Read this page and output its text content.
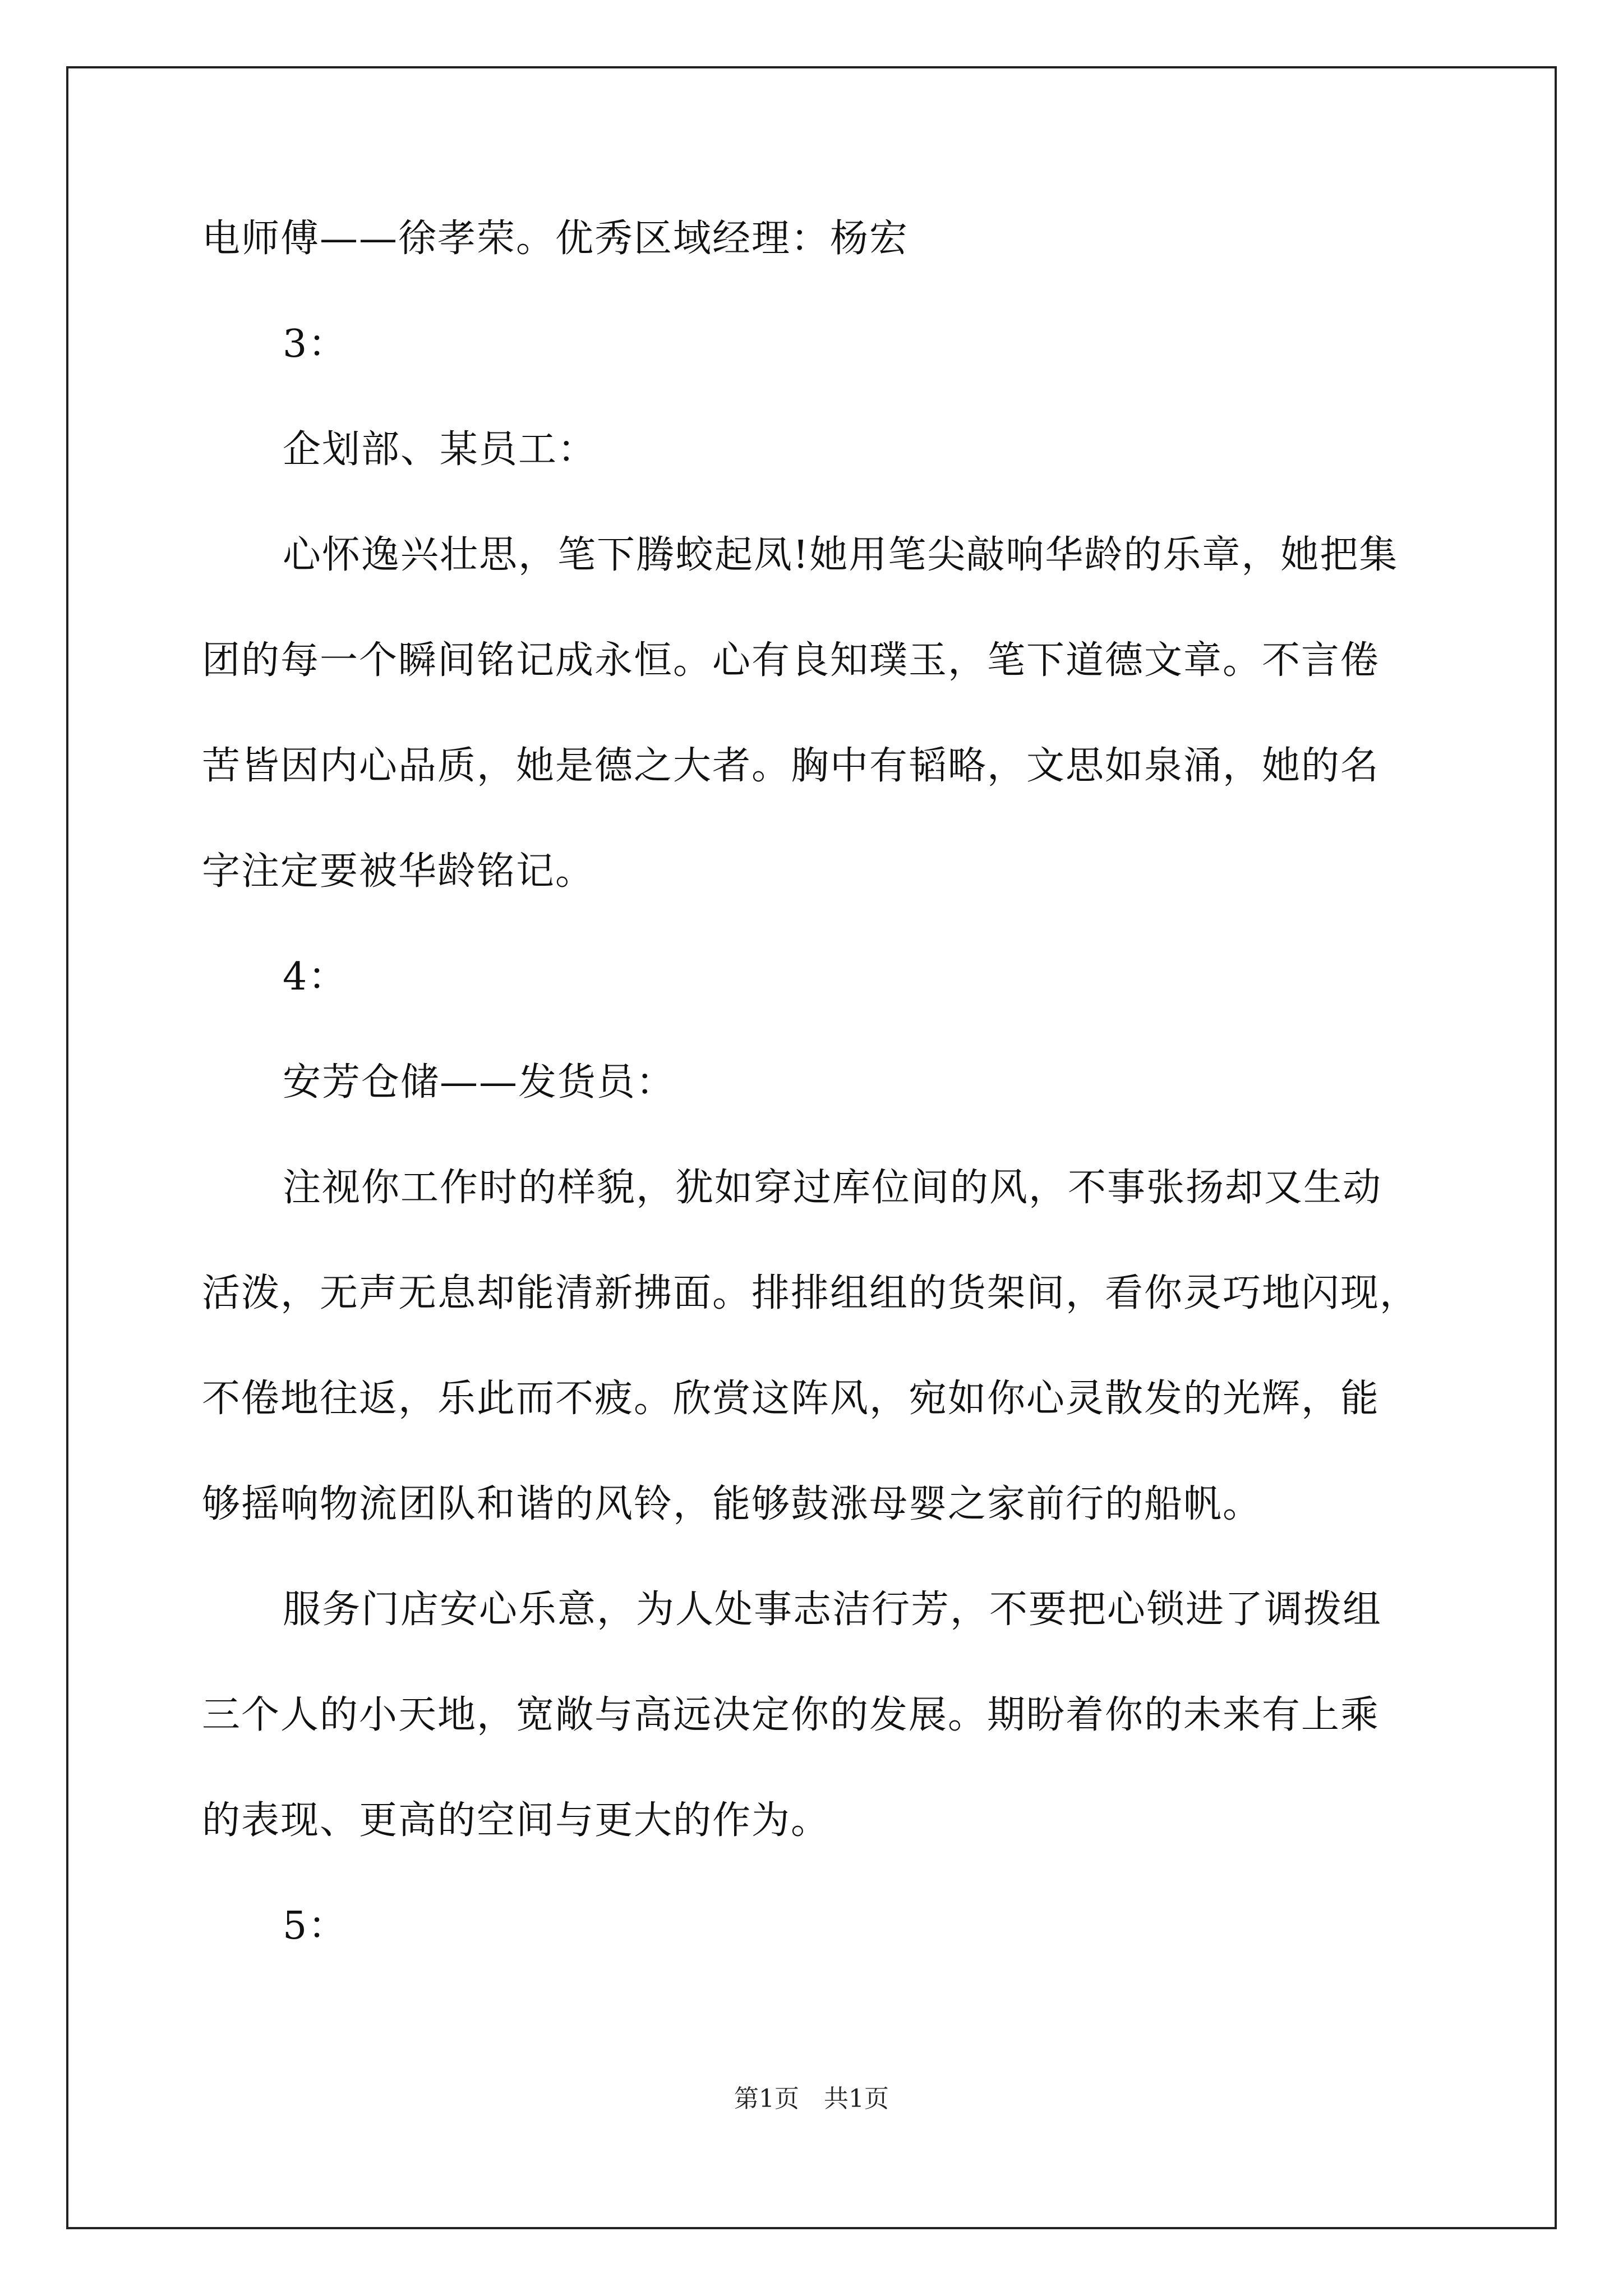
电师傅——徐孝荣。优秀区域经理：杨宏
3：
企划部、某员工：
心怀逸兴壮思，笔下腾蛟起凤!她用笔尖敲响华龄的乐章，她把集
团的每一个瞬间铭记成永恒。心有良知璞玉，笔下道德文章。不言倦
苦皆因内心品质，她是德之大者。胸中有韬略，文思如泉涌，她的名
字注定要被华龄铭记。
4：
安芳仓储——发货员：
注视你工作时的样貌，犹如穿过库位间的风，不事张扬却又生动
活泼，无声无息却能清新拂面。排排组组的货架间，看你灵巧地闪现，
不倦地往返，乐此而不疲。欣赏这阵风，宛如你心灵散发的光辉，能
够摇响物流团队和谐的风铃，能够鼓涨母婴之家前行的船帆。
服务门店安心乐意，为人处事志洁行芳，不要把心锁进了调拨组
三个人的小天地，宽敞与高远决定你的发展。期盼着你的未来有上乘
的表现、更高的空间与更大的作为。
5：
第1页　共1页
